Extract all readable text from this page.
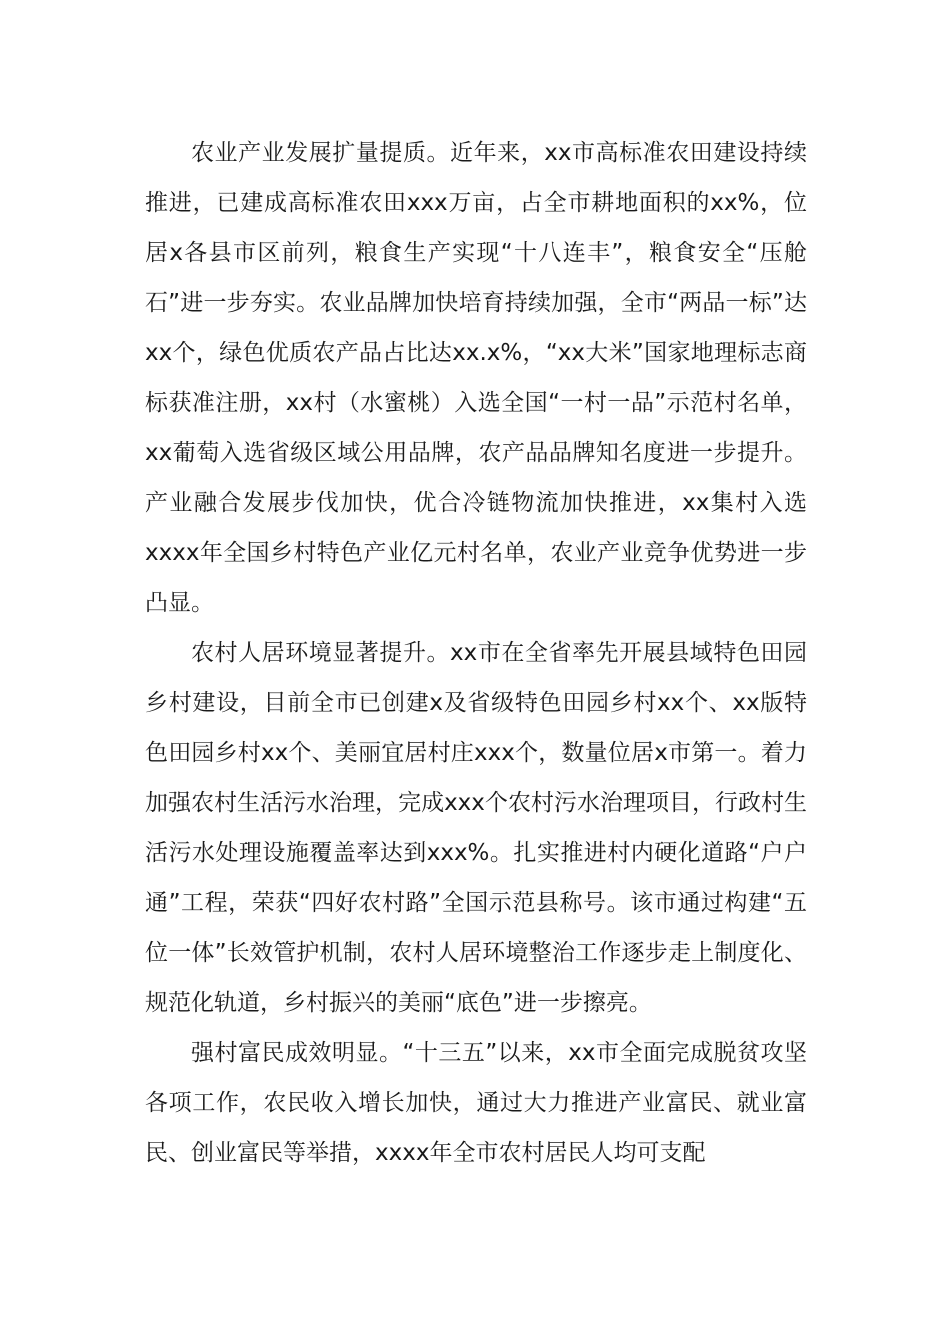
农业产业发展扩量提质。近年来，xx市高标准农田建设持续推进，已建成高标准农田xxx万亩，占全市耕地面积的xx%，位居x各县市区前列，粮食生产实现“十八连丰”，粮食安全“压舱石”进一步夯实。农业品牌加快培育持续加强，全市“两品一标”达xx个，绿色优质农产品占比达xx.x%，“xx大米”国家地理标志商标获准注册，xx村（水蜜桃）入选全国“一村一品”示范村名单，xx葡萄入选省级区域公用品牌，农产品品牌知名度进一步提升。产业融合发展步伐加快，优合冷链物流加快推进，xx集村入选xxxx年全国乡村特色产业亿元村名单，农业产业竞争优势进一步凸显。

农村人居环境显著提升。xx市在全省率先开展县域特色田园乡村建设，目前全市已创建x及省级特色田园乡村xx个、xx版特色田园乡村xx个、美丽宜居村庄xxx个，数量位居x市第一。着力加强农村生活污水治理，完成xxx个农村污水治理项目，行政村生活污水处理设施覆盖率达到xxx%。扎实推进村内硬化道路“户户通”工程，荣获“四好农村路”全国示范县称号。该市通过构建“五位一体”长效管护机制，农村人居环境整治工作逐步走上制度化、规范化轨道，乡村振兴的美丽“底色”进一步擦亮。

强村富民成效明显。“十三五”以来，xx市全面完成脱贫攻坚各项工作，农民收入增长加快，通过大力推进产业富民、就业富民、创业富民等举措，xxxx年全市农村居民人均可支配
